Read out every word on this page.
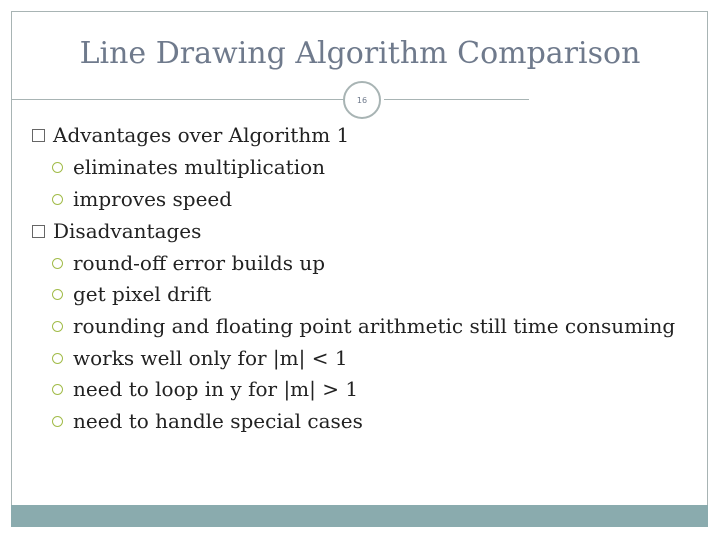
Line Drawing Algorithm Comparison
16
Advantages over Algorithm 1
eliminates multiplication
improves speed
Disadvantages
round-off error builds up
get pixel drift
rounding and floating point arithmetic still time consuming
works well only for |m| < 1
need to loop in y for |m| > 1
need to handle special cases
